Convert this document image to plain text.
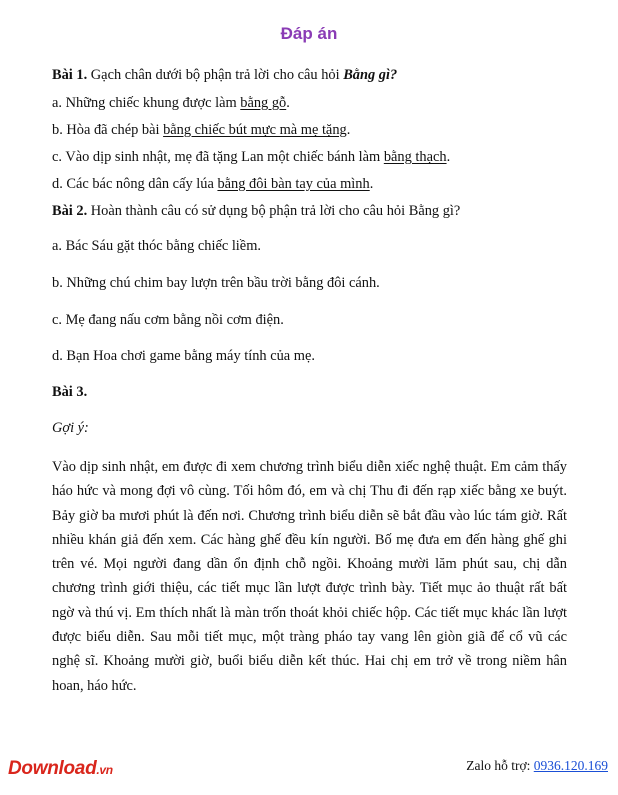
Đáp án
Bài 1. Gạch chân dưới bộ phận trả lời cho câu hỏi Bằng gì?
a. Những chiếc khung được làm bằng gỗ.
b. Hòa đã chép bài bằng chiếc bút mực mà mẹ tặng.
c. Vào dịp sinh nhật, mẹ đã tặng Lan một chiếc bánh làm bằng thạch.
d. Các bác nông dân cấy lúa bằng đôi bàn tay của mình.
Bài 2. Hoàn thành câu có sử dụng bộ phận trả lời cho câu hỏi Bằng gì?
a. Bác Sáu gặt thóc bằng chiếc liềm.
b. Những chú chim bay lượn trên bầu trời bằng đôi cánh.
c. Mẹ đang nấu cơm bằng nồi cơm điện.
d. Bạn Hoa chơi game bằng máy tính của mẹ.
Bài 3.
Gợi ý:
Vào dịp sinh nhật, em được đi xem chương trình biểu diễn xiếc nghệ thuật. Em cảm thấy háo hức và mong đợi vô cùng. Tối hôm đó, em và chị Thu đi đến rạp xiếc bằng xe buýt. Bảy giờ ba mươi phút là đến nơi. Chương trình biểu diễn sẽ bắt đầu vào lúc tám giờ. Rất nhiều khán giả đến xem. Các hàng ghế đều kín người. Bố mẹ đưa em đến hàng ghế ghi trên vé. Mọi người đang dần ổn định chỗ ngồi. Khoảng mười lăm phút sau, chị dẫn chương trình giới thiệu, các tiết mục lần lượt được trình bày. Tiết mục ảo thuật rất bất ngờ và thú vị. Em thích nhất là màn trốn thoát khỏi chiếc hộp. Các tiết mục khác lần lượt được biểu diễn. Sau mỗi tiết mục, một tràng pháo tay vang lên giòn giã để cổ vũ các nghệ sĩ. Khoảng mười giờ, buổi biểu diễn kết thúc. Hai chị em trở về trong niềm hân hoan, háo hức.
Download.vn	Zalo hỗ trợ: 0936.120.169
